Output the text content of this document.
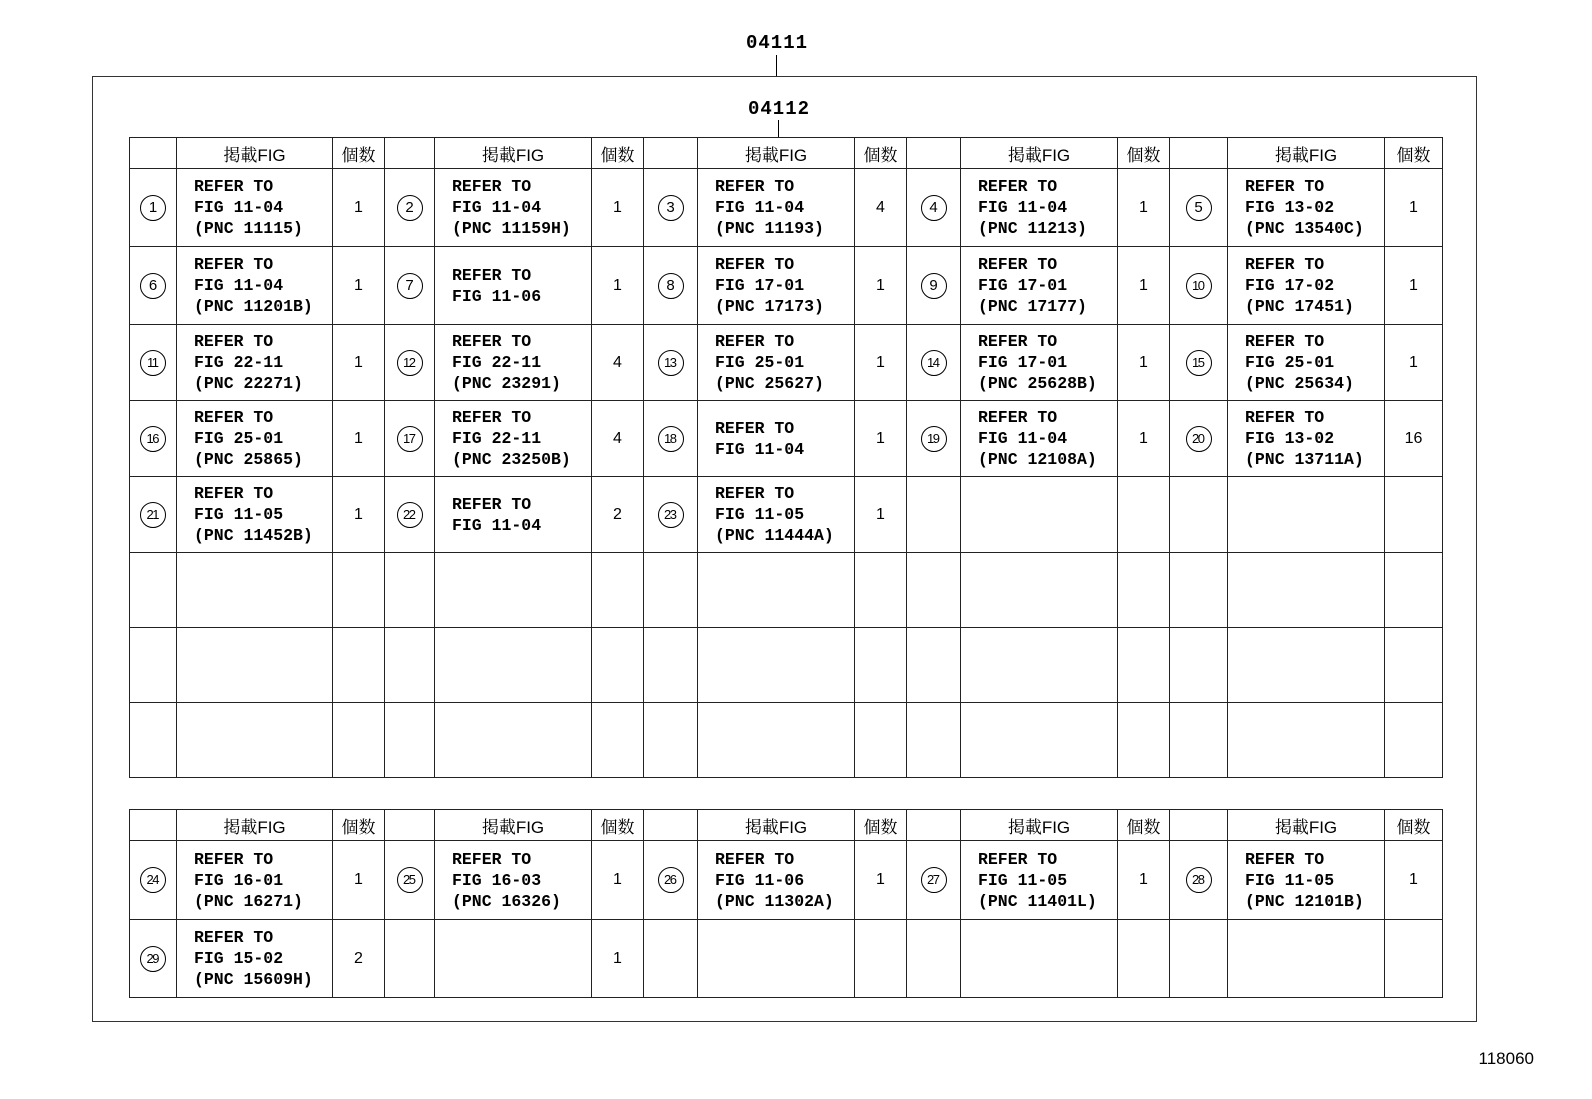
04111
04112
	掲載FIG	個数		掲載FIG	個数		掲載FIG	個数		掲載FIG	個数		掲載FIG	個数
1	REFER TO
FIG 11-04
(PNC 11115)	1	2	REFER TO
FIG 11-04
(PNC 11159H)	1	3	REFER TO
FIG 11-04
(PNC 11193)	4	4	REFER TO
FIG 11-04
(PNC 11213)	1	5	REFER TO
FIG 13-02
(PNC 13540C)	1
6	REFER TO
FIG 11-04
(PNC 11201B)	1	7	REFER TO
FIG 11-06	1	8	REFER TO
FIG 17-01
(PNC 17173)	1	9	REFER TO
FIG 17-01
(PNC 17177)	1	10	REFER TO
FIG 17-02
(PNC 17451)	1
11	REFER TO
FIG 22-11
(PNC 22271)	1	12	REFER TO
FIG 22-11
(PNC 23291)	4	13	REFER TO
FIG 25-01
(PNC 25627)	1	14	REFER TO
FIG 17-01
(PNC 25628B)	1	15	REFER TO
FIG 25-01
(PNC 25634)	1
16	REFER TO
FIG 25-01
(PNC 25865)	1	17	REFER TO
FIG 22-11
(PNC 23250B)	4	18	REFER TO
FIG 11-04	1	19	REFER TO
FIG 11-04
(PNC 12108A)	1	20	REFER TO
FIG 13-02
(PNC 13711A)	16
21	REFER TO
FIG 11-05
(PNC 11452B)	1	22	REFER TO
FIG 11-04	2	23	REFER TO
FIG 11-05
(PNC 11444A)	1						

	掲載FIG	個数		掲載FIG	個数		掲載FIG	個数		掲載FIG	個数		掲載FIG	個数
24	REFER TO
FIG 16-01
(PNC 16271)	1	25	REFER TO
FIG 16-03
(PNC 16326)	1	26	REFER TO
FIG 11-06
(PNC 11302A)	1	27	REFER TO
FIG 11-05
(PNC 11401L)	1	28	REFER TO
FIG 11-05
(PNC 12101B)	1
29	REFER TO
FIG 15-02
(PNC 15609H)	2			1									
118060
